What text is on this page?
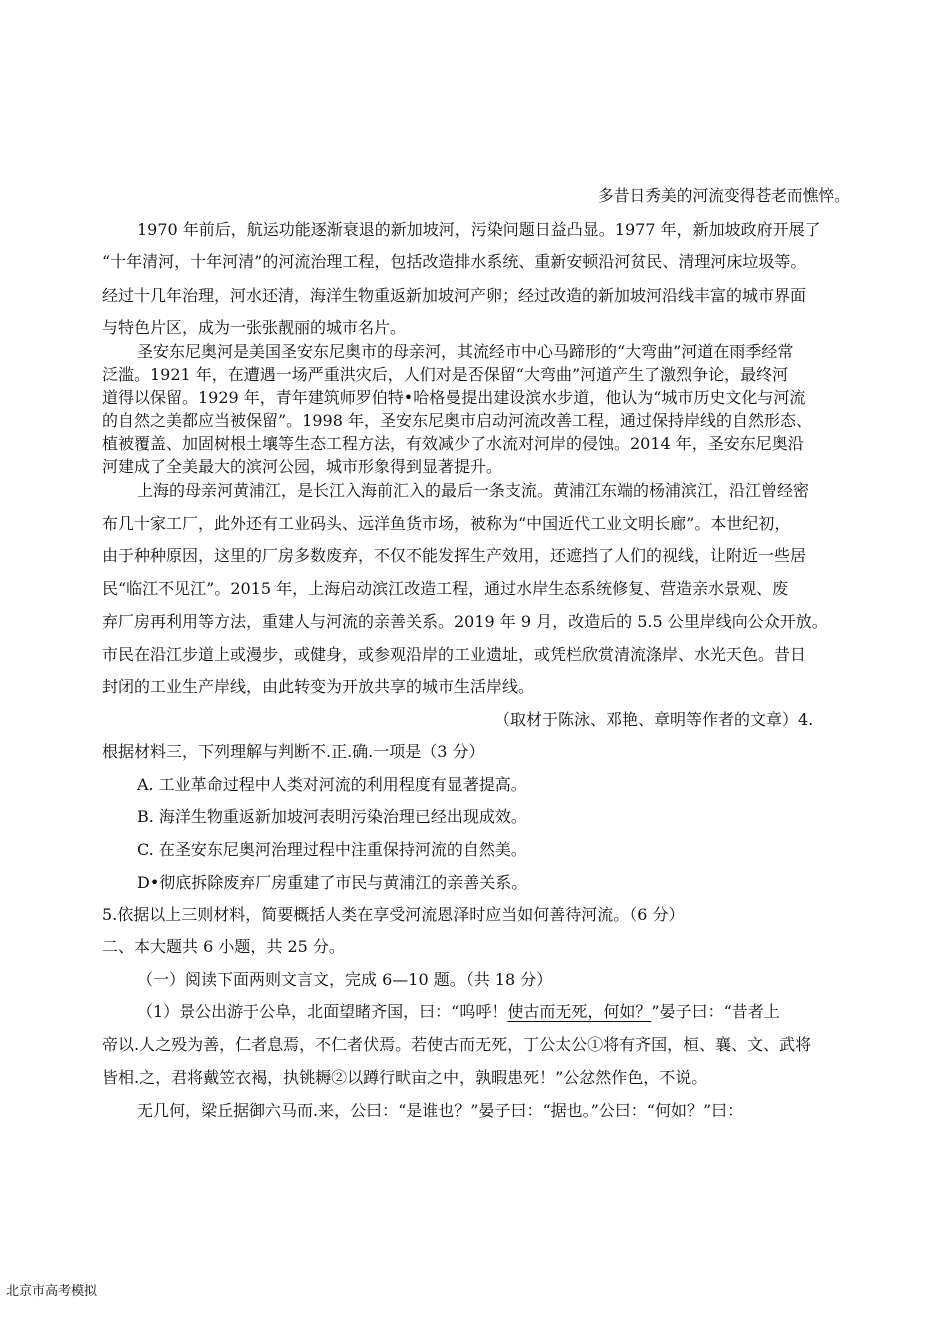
多昔日秀美的河流变得苍老而憔悴。
1970 年前后，航运功能逐渐衰退的新加坡河，污染问题日益凸显。1977 年，新加坡政府开展了
“十年清河，十年河清”的河流治理工程，包括改造排水系统、重新安顿沿河贫民、清理河床垃圾等。
经过十几年治理，河水还清，海洋生物重返新加坡河产卵；经过改造的新加坡河沿线丰富的城市界面
与特色片区，成为一张张靓丽的城市名片。
圣安东尼奥河是美国圣安东尼奥市的母亲河，其流经市中心马蹄形的“大弯曲”河道在雨季经常
泛滥。1921 年，在遭遇一场严重洪灾后，人们对是否保留“大弯曲”河道产生了激烈争论，最终河
道得以保留。1929 年，青年建筑师罗伯特•哈格曼提出建设滨水步道，他认为“城市历史文化与河流
的自然之美都应当被保留”。1998 年，圣安东尼奥市启动河流改善工程，通过保持岸线的自然形态、
植被覆盖、加固树根土壤等生态工程方法，有效减少了水流对河岸的侵蚀。2014 年，圣安东尼奥沿
河建成了全美最大的滨河公园，城市形象得到显著提升。
上海的母亲河黄浦江，是长江入海前汇入的最后一条支流。黄浦江东端的杨浦滨江，沿江曾经密
布几十家工厂，此外还有工业码头、远洋鱼货市场，被称为“中国近代工业文明长廊”。本世纪初，
由于种种原因，这里的厂房多数废弃，不仅不能发挥生产效用，还遮挡了人们的视线，让附近一些居
民“临江不见江”。2015 年，上海启动滨江改造工程，通过水岸生态系统修复、营造亲水景观、废
弃厂房再利用等方法，重建人与河流的亲善关系。2019 年 9 月，改造后的 5.5 公里岸线向公众开放。
市民在沿江步道上或漫步，或健身，或参观沿岸的工业遗址，或凭栏欣赏清流涤岸、水光天色。昔日
封闭的工业生产岸线，由此转变为开放共享的城市生活岸线。
（取材于陈泳、邓艳、章明等作者的文章）4.
根据材料三，下列理解与判断不.正.确.一项是（3 分）
A. 工业革命过程中人类对河流的利用程度有显著提高。
B. 海洋生物重返新加坡河表明污染治理已经出现成效。
C. 在圣安东尼奥河治理过程中注重保持河流的自然美。
D•彻底拆除废弃厂房重建了市民与黄浦江的亲善关系。
5.依据以上三则材料，简要概括人类在享受河流恩泽时应当如何善待河流。（6 分）
二、本大题共 6 小题，共 25 分。
（一）阅读下面两则文言文，完成 6—10 题。（共 18 分）
（1）景公出游于公阜，北面望睹齐国，曰：“呜呼！使古而无死，何如？”晏子曰：“昔者上
帝以.人之殁为善，仁者息焉，不仁者伏焉。若使古而无死，丁公太公①将有齐国，桓、襄、文、武将
皆相.之，君将戴笠衣褐，执铫耨②以蹲行畎亩之中，孰暇患死！”公忿然作色，不说。
无几何，梁丘据御六马而.来，公曰：“是谁也？”晏子曰：“据也。”公曰：“何如？”曰：
北京市高考模拟
